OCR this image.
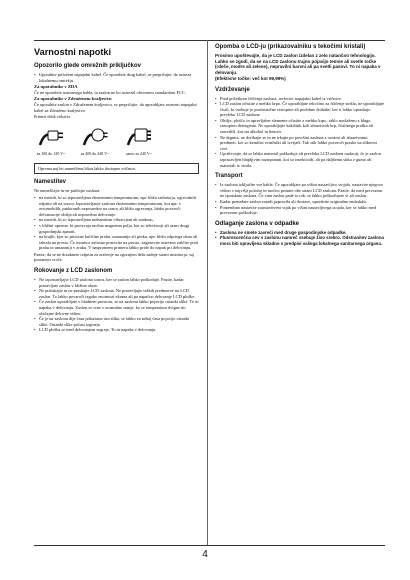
Varnostni napotki
Opozorilo glede omrežnih priključkov
• Uporabite priloženi napajalni kabel. Če uporabite drug kabel, se prepričajte, da ustreza lokalnemu omrežju.
Za uporabnike v ZDA

Če ne uporabite ustreznega kabla, ta zaslon ne bo ustrezal obveznim standardom FCC.

Za uporabnike v Združenem kraljestvu

Če uporabite zaslon v Združenem kraljestvu, se prepričajte, da uporabljate ustrezni napajalni kabel za Združeno kraljestvo.

Primeri oblik vtikačev

za 100 do 120 V~	za 200 do 240 V~	samo za 240 V~
Oprema naj bo nameščena blizu lahko dostopne vtičnice.
Namestitev

Ne nameščajte in ne puščajte zaslona:

• na mestih, ki so izpostavljena ekstremnim temperaturam, npr. bližu radiatorja, ogrevalnih odprtin ali na soncu. Izpostavljanje zaslona ekstremnim temperaturam, kot npr. v avtomobilih, parkiranih neposredno na soncu ali bližu ogrevanja, lahko povzroči deformacije ohišja ali nepravilno delovanje.
• na mestih, ki so izpostavljena mehanskim vibracijam ali sunkom,
• v bližini opreme, ki proizvaja močna magnetna polja, kot so televizorji ali razni drugi gospodinjski aparati,
• na krajih, kjer so prisotne količine prahu, umazanije ali peska, npr. bližu odprtega okna ali izhoda na prosto. Če monitor začasno postavite na prosto, zagotovite ustrezno zaščito proti prahu in umazaniji v zraku. V nasprotnem primeru lahko pride do napak pri delovanju.

Pazite, da se ne dotaknete odprtin za zračenje na zgornjem delu zadnje strani monitorja, saj postanejo vroče.

Rokovanje z LCD zaslonom
• Ne izpostavljajte LCD zaslona soncu, ker se zaslon lahko poškoduje. Pazite, kadar postavljate zaslon v bližino okna.
• Ne pritiskajte in ne praskajte LCD zaslona. Ne postavljajte težkih predmetov na LCD zaslon. To lahko povzroči izgubo enotnosti ekrana ali pa napačno delovanje LCD ploške.
• Če zaslon uporabljate v hladnem prostoru, se na zaslonu lahko pojavijo ostanki slike. To ni napaka v delovanju. Zaslon se vrne v normalno stanje, ko se temperatura dvigne do običajne delovne višine.
• Če je na zaslonu dije časa prikazana ista slika, se lahko za nekaj časa pojavijo ostanki slike. Ostanki slike počasi izginejo.
• LCD ploška se med delovanjem segreje. To ni napaka v delovanju.
Opomba o LCD-ju (prikazovalniku s tekočimi kristali)

Prosimo upoštevajte, da je LCD zaslon izdelan z zelo natančno tehnologijo. Lahko se zgodi, da se na LCD zaslonu trajno pojavijo temne ali svetle točke (rdeče, modre ali zelene), nepravilni barvni ali pa svetli pasovi. To ni napaka v delovanju.

(Efektivne točke: več kot 99,99%)

Vzdrževanje
• Pred pričetkom čiščenja zaslona, izvlecite napajalni kabel iz vtičnice.
• LCD zaslon očistite z mehko krpo. Če uporabljate tekočino za čiščenje stekla, ne uporabljajte čistil, ki vsebuje jo protistatične raztopine ali podobne dodatke, ker ti lahko opraskajo prevleko LCD zaslona.
• Ohišje, ploščo in upravljalne elemente očistite z mehko krpo, rahlo navlaženo z blago raztopino detergenta. Ne uporabljajte kakršnih koli abrazivnih krp, čistilnega praška ali razredčil, kot sta alkohol in bencin.
• Ne drgnite, ne dotikajte se in ne trkajte po površini zaslona z ostrimi ali abrazivnimi predmeti, kot so kemični svinčniki ali izvijači. Tak stik lahko povzroči praske na slikovni cevi.
• Upoštevajte, da se lahko material poškoduje ali prevleka LCD zaslona razkroji, če je zaslon izpostavljen hlapljivim raztopinam, kot so insekticidi, ali pa daljšemu stiku z gumo ali materiali iz vinila.
Transport
• Iz zaslona izključite vse kable. Če uporabljate po višini nastavljivo stojalo, nastavite njegovo višino v najvišji položaj in močno primite obe strani LCD zaslona. Pazite, da med prevozom ne opraskate zaslona. Če vam zaslon pade iz rok, se lahko poškodujete vi ali zaslon.
• Kadar prenašate zaslon zaradi popravila ali dostave, uporabite originalno embalažo.
• Pomembno nastavite zaustavitveni vijak po višini nastavljivega stojala, ker se lahko med prevozom poškoduje.
Odlaganje zaslona v odpadke
• Zaslona ne smete zavreči med druge gospodinjske odpadke.
• Fluorescenčna cev v zaslonu namreč vsebuje živo srebro. Odstranitev zaslona mora biti opravljena skladno s predpisi vašega lokalnega sanitarnega organa.
4
